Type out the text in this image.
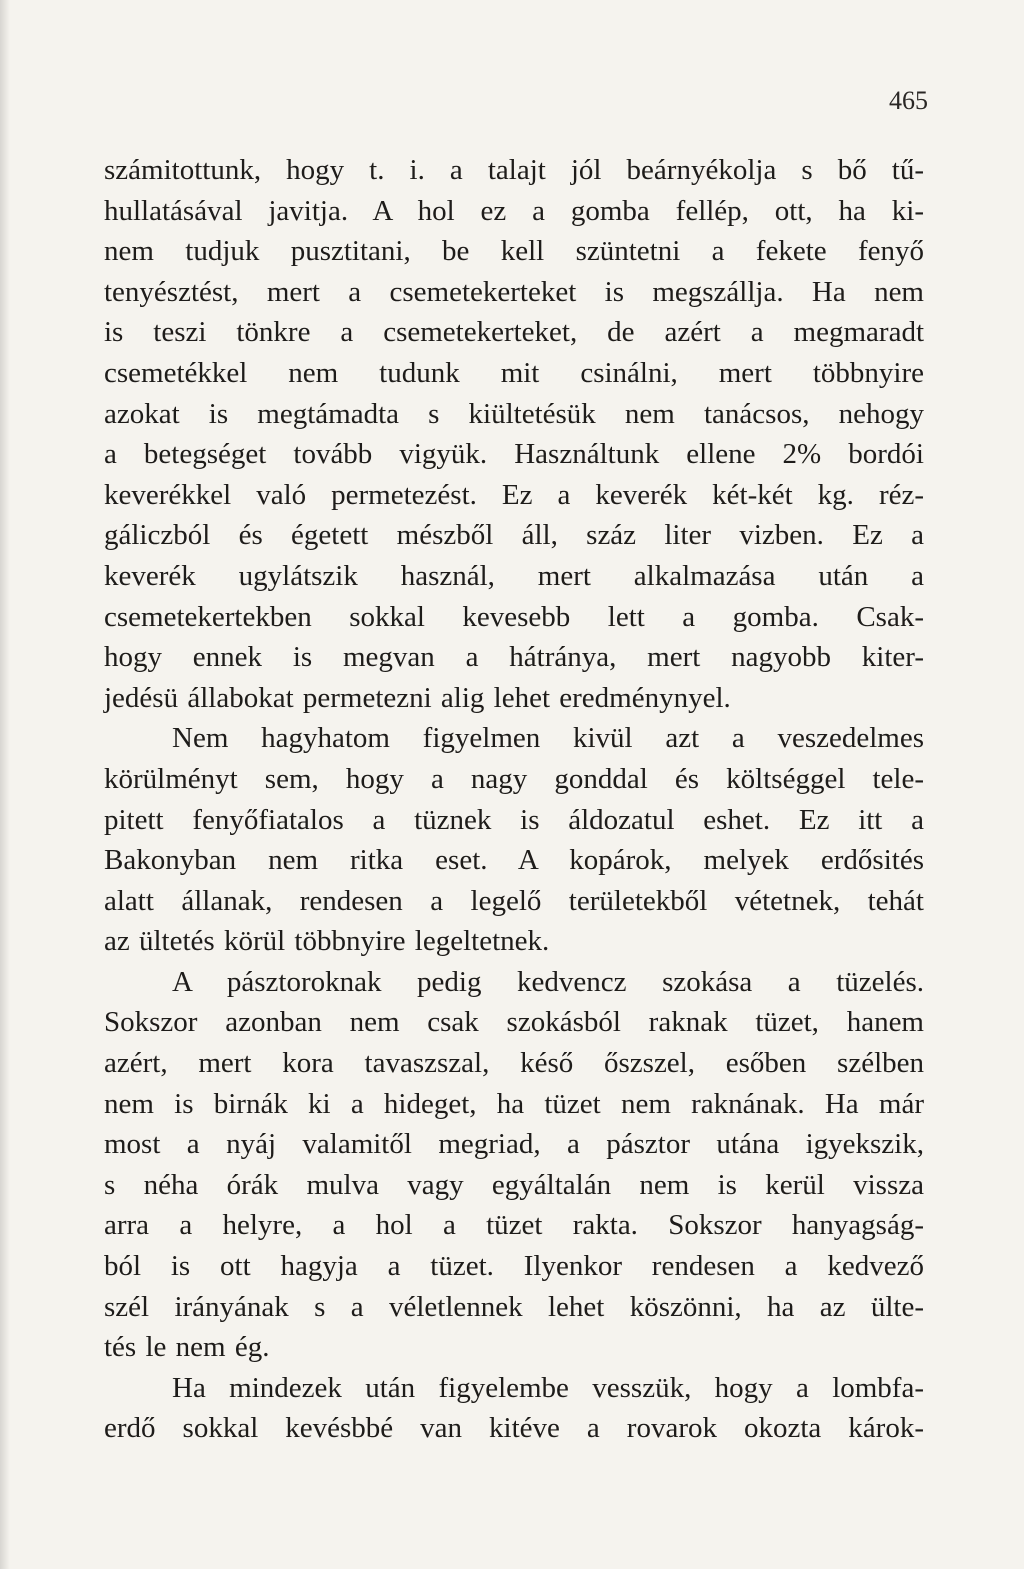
465
számitottunk, hogy t. i. a talajt jól beárnyékolja s bő tű-
hullatásával javitja. A hol ez a gomba fellép, ott, ha ki-
nem tudjuk pusztitani, be kell szüntetni a fekete fenyő
tenyésztést, mert a csemetekerteket is megszállja. Ha nem
is teszi tönkre a csemetekerteket, de azért a megmaradt
csemetékkel nem tudunk mit csinálni, mert többnyire
azokat is megtámadta s kiültetésük nem tanácsos, nehogy
a betegséget tovább vigyük. Használtunk ellene 2% bordói
keverékkel való permetezést. Ez a keverék két-két kg. réz-
gáliczból és égetett mészből áll, száz liter vizben. Ez a
keverék ugylátszik használ, mert alkalmazása után a
csemetekertekben sokkal kevesebb lett a gomba. Csak-
hogy ennek is megvan a hátránya, mert nagyobb kiter-
jedésü állabokat permetezni alig lehet eredménynyel.
Nem hagyhatom figyelmen kivül azt a veszedelmes
körülményt sem, hogy a nagy gonddal és költséggel tele-
pitett fenyőfiatalos a tüznek is áldozatul eshet. Ez itt a
Bakonyban nem ritka eset. A kopárok, melyek erdősités
alatt állanak, rendesen a legelő területekből vétetnek, tehát
az ültetés körül többnyire legeltetnek.
A pásztoroknak pedig kedvencz szokása a tüzelés.
Sokszor azonban nem csak szokásból raknak tüzet, hanem
azért, mert kora tavaszszal, késő őszszel, esőben szélben
nem is birnák ki a hideget, ha tüzet nem raknának. Ha már
most a nyáj valamitől megriad, a pásztor utána igyekszik,
s néha órák mulva vagy egyáltalán nem is kerül vissza
arra a helyre, a hol a tüzet rakta. Sokszor hanyagság-
ból is ott hagyja a tüzet. Ilyenkor rendesen a kedvező
szél irányának s a véletlennek lehet köszönni, ha az ülte-
tés le nem ég.
Ha mindezek után figyelembe vesszük, hogy a lombfa-
erdő sokkal kevésbbé van kitéve a rovarok okozta károk-
